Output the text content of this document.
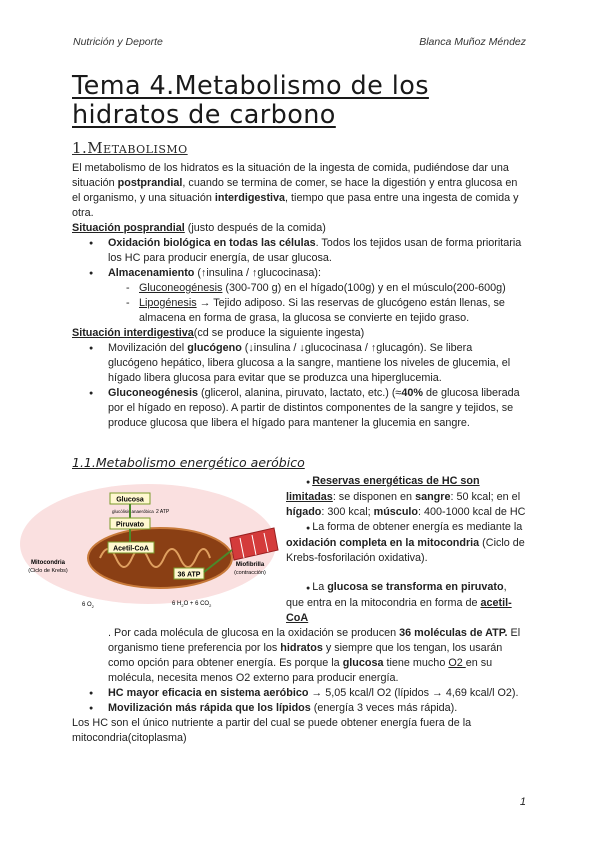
Nutrición y Deporte	Blanca Muñoz Méndez
Tema 4.Metabolismo de los hidratos de carbono
1.Metabolismo

El metabolismo de los hidratos es la situación de la ingesta de comida, pudiéndose dar una situación postprandial, cuando se termina de comer, se hace la digestión y entra glucosa en el organismo, y una situación interdigestiva, tiempo que pasa entre una ingesta de comida y otra.

Situación posprandial (justo después de la comida)

● Oxidación biológica en todas las células. Todos los tejidos usan de forma prioritaria los HC para producir energía, de usar glucosa.

● Almacenamiento (↑insulina / ↑glucocinasa):

- Gluconeogénesis (300-700 g) en el hígado(100g) y en el músculo(200-600g)

- Lipogénesis → Tejido adiposo. Si las reservas de glucógeno están llenas, se almacena en forma de grasa, la glucosa se convierte en tejido graso.

Situación interdigestiva(cd se produce la siguiente ingesta)

● Movilización del glucógeno (↓insulina / ↓glucocinasa / ↑glucagón). Se libera glucógeno hepático, libera glucosa a la sangre, mantiene los niveles de glucemia, el hígado libera glucosa para evitar que se produzca una hiperglucemia.

● Gluconeogénesis (glicerol, alanina, piruvato, lactato, etc.) (≈40% de glucosa liberada por el hígado en reposo). A partir de distintos componentes de la sangre y tejidos, se produce glucosa que libera el hígado para mantener la glucemia en sangre.

1.1.Metabolismo energético aeróbico
Glucosa
glucólisis anaeróbica 2 ATP
Piruvato
Acetil-CoA
36 ATP
Mitocondria
(Ciclo de Krebs)
Miofibrilla
(contracción)
6 $O_2$	6 $H_2O + 6$ $CO_2$

● Reservas energéticas de HC son limitadas: se disponen en sangre: 50 kcal; en el hígado: 300 kcal; músculo: 400-1000 kcal de HC

● La forma de obtener energía es mediante la oxidación completa en la mitocondria (Ciclo de Krebs-fosforilación oxidativa).

● La glucosa se transforma en piruvato, que entra en la mitocondria en forma de acetil-CoA

. Por cada molécula de glucosa en la oxidación se producen 36 moléculas de ATP. El organismo tiene preferencia por los hidratos y siempre que los tengan, los usarán como opción para obtener energía. Es porque la glucosa tiene mucho O2 en su molécula, necesita menos O2 externo para producir energía.

● HC mayor eficacia en sistema aeróbico → 5,05 kcal/l O2 (lípidos → 4,69 kcal/l O2).

● Movilización más rápida que los lípidos (energía 3 veces más rápida).

Los HC son el único nutriente a partir del cual se puede obtener energía fuera de la mitocondria(citoplasma)

1
